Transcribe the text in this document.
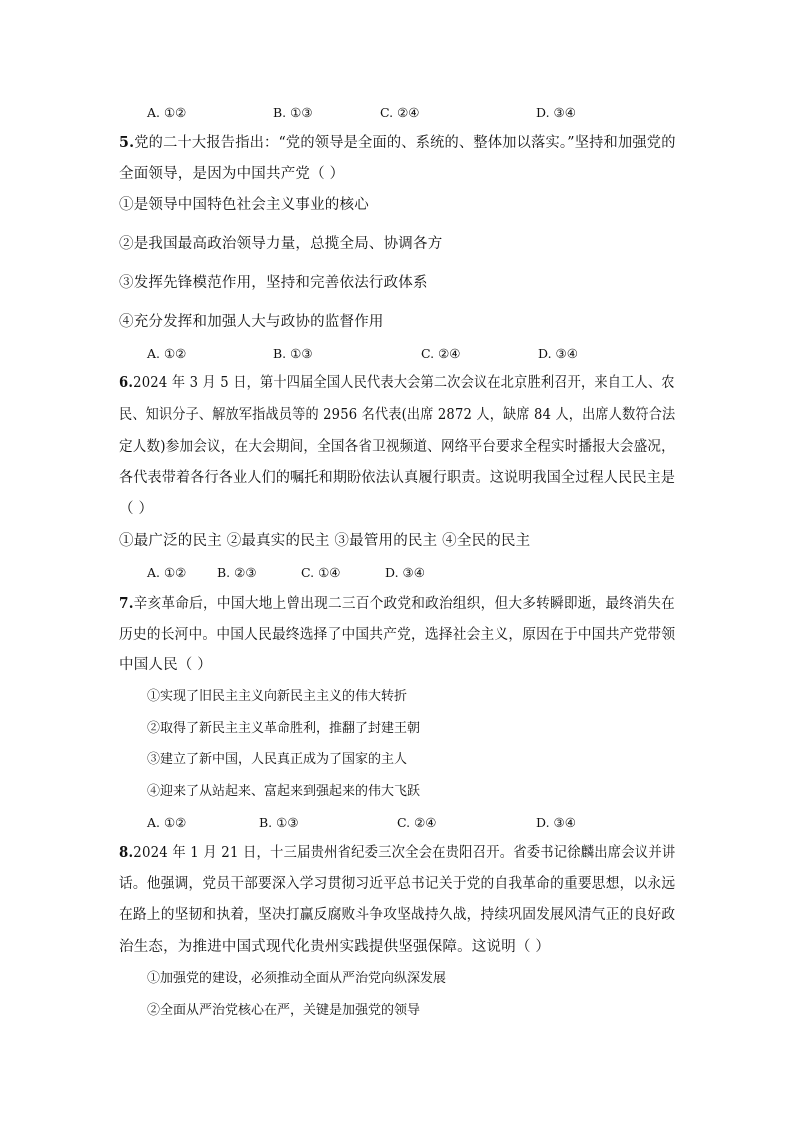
A. ①②	B. ①③	C. ②④	D. ③④
5.党的二十大报告指出：“党的领导是全面的、系统的、整体加以落实。”坚持和加强党的
全面领导，是因为中国共产党（ ）
①是领导中国特色社会主义事业的核心
②是我国最高政治领导力量，总揽全局、协调各方
③发挥先锋模范作用，坚持和完善依法行政体系
④充分发挥和加强人大与政协的监督作用
A. ①②	B. ①③	C. ②④	D. ③④
6.2024 年 3 月 5 日，第十四届全国人民代表大会第二次会议在北京胜利召开，来自工人、农
民、知识分子、解放军指战员等的 2956 名代表(出席 2872 人，缺席 84 人，出席人数符合法
定人数)参加会议，在大会期间，全国各省卫视频道、网络平台要求全程实时播报大会盛况，
各代表带着各行各业人们的嘱托和期盼依法认真履行职责。这说明我国全过程人民民主是
（ ）
①最广泛的民主 ②最真实的民主 ③最管用的民主 ④全民的民主
A. ①② B. ②③	C. ①④	D. ③④
7.辛亥革命后，中国大地上曾出现二三百个政党和政治组织，但大多转瞬即逝，最终消失在
历史的长河中。中国人民最终选择了中国共产党，选择社会主义，原因在于中国共产党带领
中国人民（ ）
①实现了旧民主主义向新民主主义的伟大转折
②取得了新民主主义革命胜利，推翻了封建王朝
③建立了新中国，人民真正成为了国家的主人
④迎来了从站起来、富起来到强起来的伟大飞跃
A. ①②	B. ①③	C. ②④	D. ③④
8.2024 年 1 月 21 日，十三届贵州省纪委三次全会在贵阳召开。省委书记徐麟出席会议并讲
话。他强调，党员干部要深入学习贯彻习近平总书记关于党的自我革命的重要思想，以永远
在路上的坚韧和执着，坚决打赢反腐败斗争攻坚战持久战，持续巩固发展风清气正的良好政
治生态，为推进中国式现代化贵州实践提供坚强保障。这说明（ ）
①加强党的建设，必须推动全面从严治党向纵深发展
②全面从严治党核心在严，关键是加强党的领导
